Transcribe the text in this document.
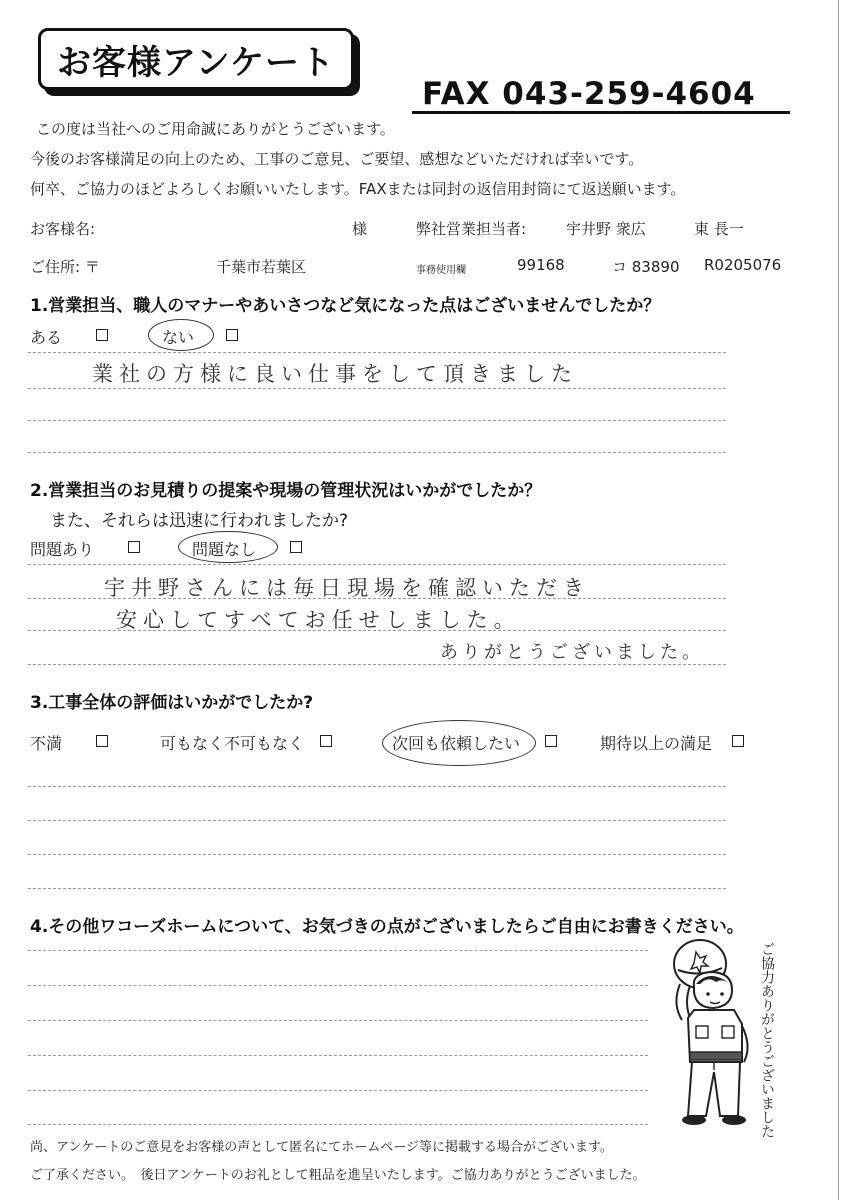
お客様アンケート
FAX 043-259-4604
この度は当社へのご用命誠にありがとうございます。
今後のお客様満足の向上のため、工事のご意見、ご要望、感想などいただければ幸いです。
何卒、ご協力のほどよろしくお願いいたします。FAXまたは同封の返信用封筒にて返送願います。
お客様名:	様	弊社営業担当者:	宇井野 衆広	東 長一
ご住所: 〒	千葉市若葉区	事務使用欄	99168	コ 83890 R0205076
1.営業担当、職人のマナーやあいさつなど気になった点はございませんでしたか？
ある	ない
業社の方様に良い仕事をして頂きました
2.営業担当のお見積りの提案や現場の管理状況はいかがでしたか？
また、それらは迅速に行われましたか?
問題あり	問題なし
宇井野さんには毎日現場を確認いただき
安心してすべてお任せしました。
ありがとうございました。
3.工事全体の評価はいかがでしたか?
不満	可もなく不可もなく	次回も依頼したい	期待以上の満足
4.その他ワコーズホームについて、お気づきの点がございましたらご自由にお書きください。
ご協力ありがとうございました
尚、アンケートのご意見をお客様の声として匿名にてホームページ等に掲載する場合がございます。
ご了承ください。　後日アンケートのお礼として粗品を進呈いたします。ご協力ありがとうございました。
